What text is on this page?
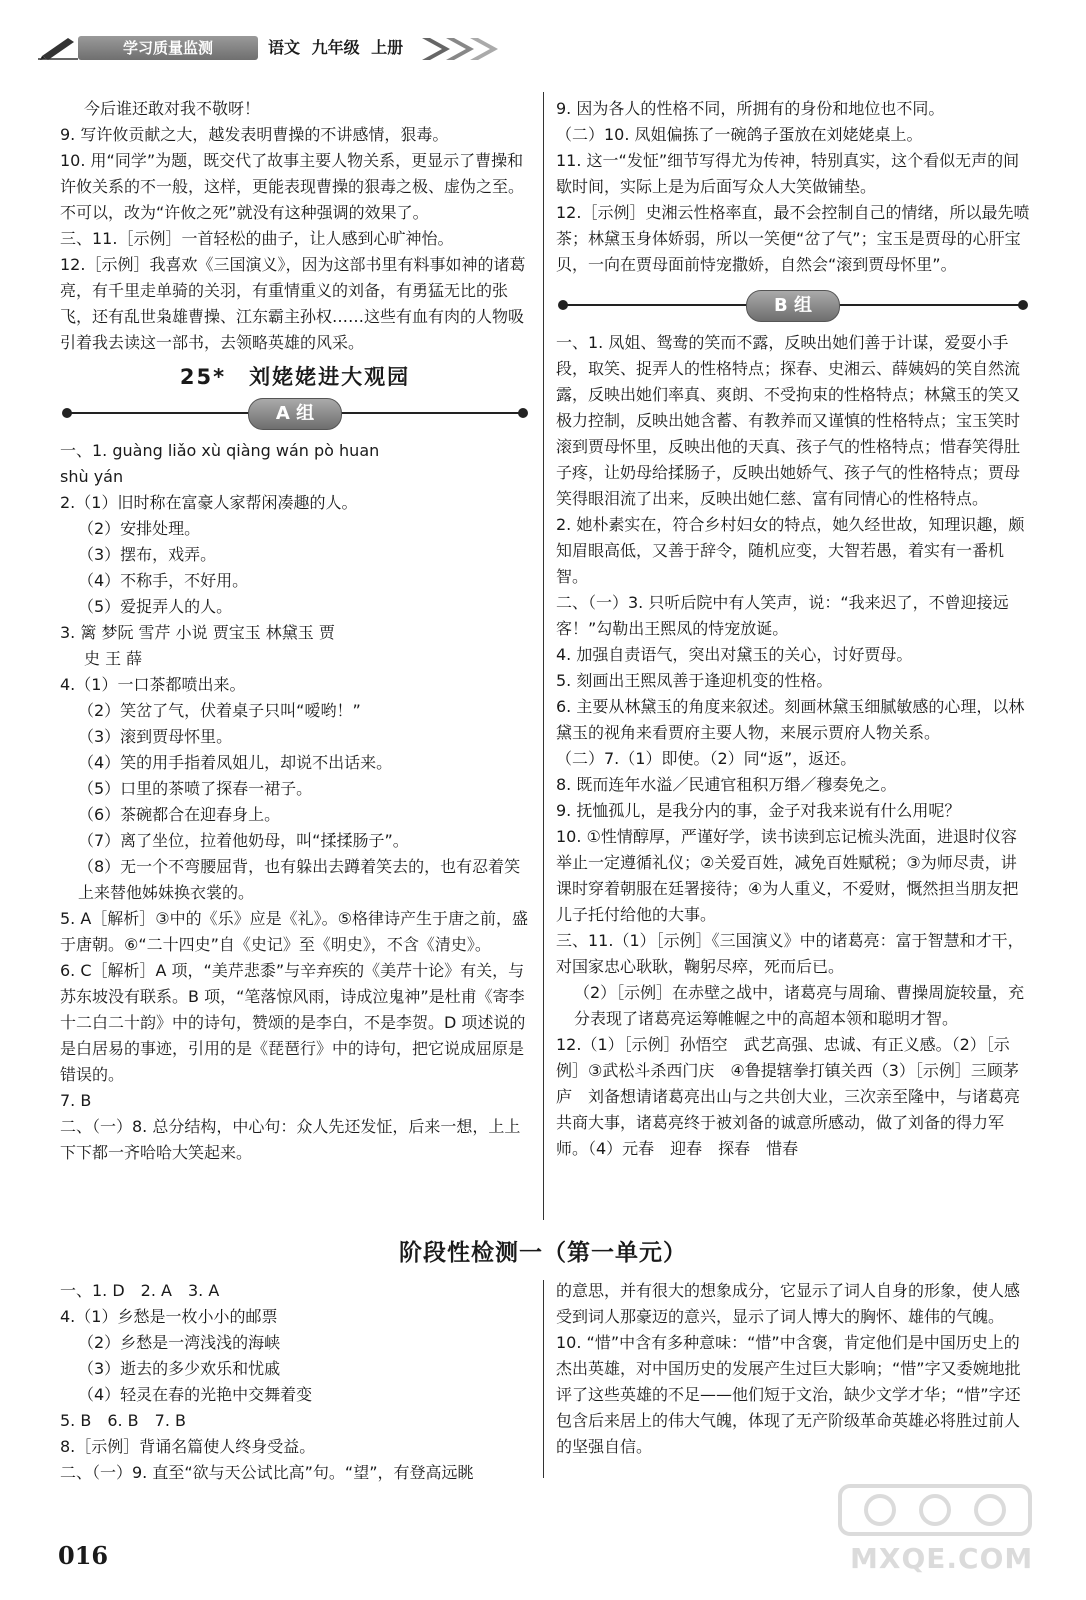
学习质量监测	语文 九年级 上册

今后谁还敢对我不敬呀！

9. 写许攸贡献之大，越发表明曹操的不讲感情，狠毒。

10. 用“同学”为题，既交代了故事主要人物关系，更显示了曹操和许攸关系的不一般，这样，更能表现曹操的狠毒之极、虚伪之至。不可以，改为“许攸之死”就没有这种强调的效果了。

三、11.［示例］一首轻松的曲子，让人感到心旷神怡。

12.［示例］我喜欢《三国演义》，因为这部书里有料事如神的诸葛亮，有千里走单骑的关羽，有重情重义的刘备，有勇猛无比的张飞，还有乱世枭雄曹操、江东霸主孙权……这些有血有肉的人物吸引着我去读这一部书，去领略英雄的风采。

25*　刘姥姥进大观园
A 组

一、1. guàng liǎo xù qiàng wán pò huan

shù yán

2.（1）旧时称在富豪人家帮闲凑趣的人。

（2）安排处理。

（3）摆布，戏弄。

（4）不称手，不好用。

（5）爱捉弄人的人。

3. 篱 梦阮 雪芹 小说 贾宝玉 林黛玉 贾

史 王 薛

4.（1）一口茶都喷出来。

（2）笑岔了气，伏着桌子只叫“嗳哟！”

（3）滚到贾母怀里。

（4）笑的用手指着凤姐儿，却说不出话来。

（5）口里的茶喷了探春一裙子。

（6）茶碗都合在迎春身上。

（7）离了坐位，拉着他奶母，叫“揉揉肠子”。

（8）无一个不弯腰屈背，也有躲出去蹲着笑去的，也有忍着笑上来替他姊妹换衣裳的。

5. A［解析］③中的《乐》应是《礼》。⑤格律诗产生于唐之前，盛于唐朝。⑥“二十四史”自《史记》至《明史》，不含《清史》。

6. C［解析］A 项，“美芹悲黍”与辛弃疾的《美芹十论》有关，与苏东坡没有联系。B 项，“笔落惊风雨，诗成泣鬼神”是杜甫《寄李十二白二十韵》中的诗句，赞颂的是李白，不是李贺。D 项述说的是白居易的事迹，引用的是《琵琶行》中的诗句，把它说成屈原是错误的。

7. B

二、（一）8. 总分结构，中心句：众人先还发怔，后来一想，上上下下都一齐哈哈大笑起来。

9. 因为各人的性格不同，所拥有的身份和地位也不同。

（二）10. 凤姐偏拣了一碗鸽子蛋放在刘姥姥桌上。

11. 这一“发怔”细节写得尤为传神，特别真实，这个看似无声的间歇时间，实际上是为后面写众人大笑做铺垫。

12.［示例］史湘云性格率直，最不会控制自己的情绪，所以最先喷茶；林黛玉身体娇弱，所以一笑便“岔了气”；宝玉是贾母的心肝宝贝，一向在贾母面前恃宠撒娇，自然会“滚到贾母怀里”。

B 组

一、1. 凤姐、鸳鸯的笑而不露，反映出她们善于计谋，爱耍小手段，取笑、捉弄人的性格特点；探春、史湘云、薛姨妈的笑自然流露，反映出她们率真、爽朗、不受拘束的性格特点；林黛玉的笑又极力控制，反映出她含蓄、有教养而又谨慎的性格特点；宝玉笑时滚到贾母怀里，反映出他的天真、孩子气的性格特点；惜春笑得肚子疼，让奶母给揉肠子，反映出她娇气、孩子气的性格特点；贾母笑得眼泪流了出来，反映出她仁慈、富有同情心的性格特点。

2. 她朴素实在，符合乡村妇女的特点，她久经世故，知理识趣，颇知眉眼高低，又善于辞令，随机应变，大智若愚，着实有一番机智。

二、（一）3. 只听后院中有人笑声，说：“我来迟了，不曾迎接远客！”勾勒出王熙凤的恃宠放诞。

4. 加强自责语气，突出对黛玉的关心，讨好贾母。

5. 刻画出王熙凤善于逢迎机变的性格。

6. 主要从林黛玉的角度来叙述。刻画林黛玉细腻敏感的心理，以林黛玉的视角来看贾府主要人物，来展示贾府人物关系。

（二）7.（1）即使。（2）同“返”，返还。

8. 既而连年水溢／民逋官租积万缗／穆奏免之。

9. 抚恤孤儿，是我分内的事，金子对我来说有什么用呢？

10. ①性情醇厚，严谨好学，读书读到忘记梳头洗面，进退时仪容举止一定遵循礼仪；②关爱百姓，减免百姓赋税；③为师尽责，讲课时穿着朝服在廷署接待；④为人重义，不爱财，慨然担当朋友把儿子托付给他的大事。

三、11.（1）［示例］《三国演义》中的诸葛亮：富于智慧和才干，对国家忠心耿耿，鞠躬尽瘁，死而后已。

（2）［示例］在赤壁之战中，诸葛亮与周瑜、曹操周旋较量，充分表现了诸葛亮运筹帷幄之中的高超本领和聪明才智。

12.（1）［示例］孙悟空　武艺高强、忠诚、有正义感。（2）［示例］③武松斗杀西门庆　④鲁提辖拳打镇关西（3）［示例］三顾茅庐　刘备想请诸葛亮出山与之共创大业，三次亲至隆中，与诸葛亮共商大事，诸葛亮终于被刘备的诚意所感动，做了刘备的得力军师。（4）元春　迎春　探春　惜春

阶段性检测一（第一单元）

一、1. D　2. A　3. A

4.（1）乡愁是一枚小小的邮票

（2）乡愁是一湾浅浅的海峡

（3）逝去的多少欢乐和忧戚

（4）轻灵在春的光艳中交舞着变

5. B　6. B　7. B

8.［示例］背诵名篇使人终身受益。

二、（一）9. 直至“欲与天公试比高”句。“望”，有登高远眺

的意思，并有很大的想象成分，它显示了词人自身的形象，使人感受到词人那豪迈的意兴，显示了词人博大的胸怀、雄伟的气魄。

10. “惜”中含有多种意味：“惜”中含褒，肯定他们是中国历史上的杰出英雄，对中国历史的发展产生过巨大影响；“惜”字又委婉地批评了这些英雄的不足——他们短于文治，缺少文学才华；“惜”字还包含后来居上的伟大气魄，体现了无产阶级革命英雄必将胜过前人的坚强自信。

016	MXQE.COM
